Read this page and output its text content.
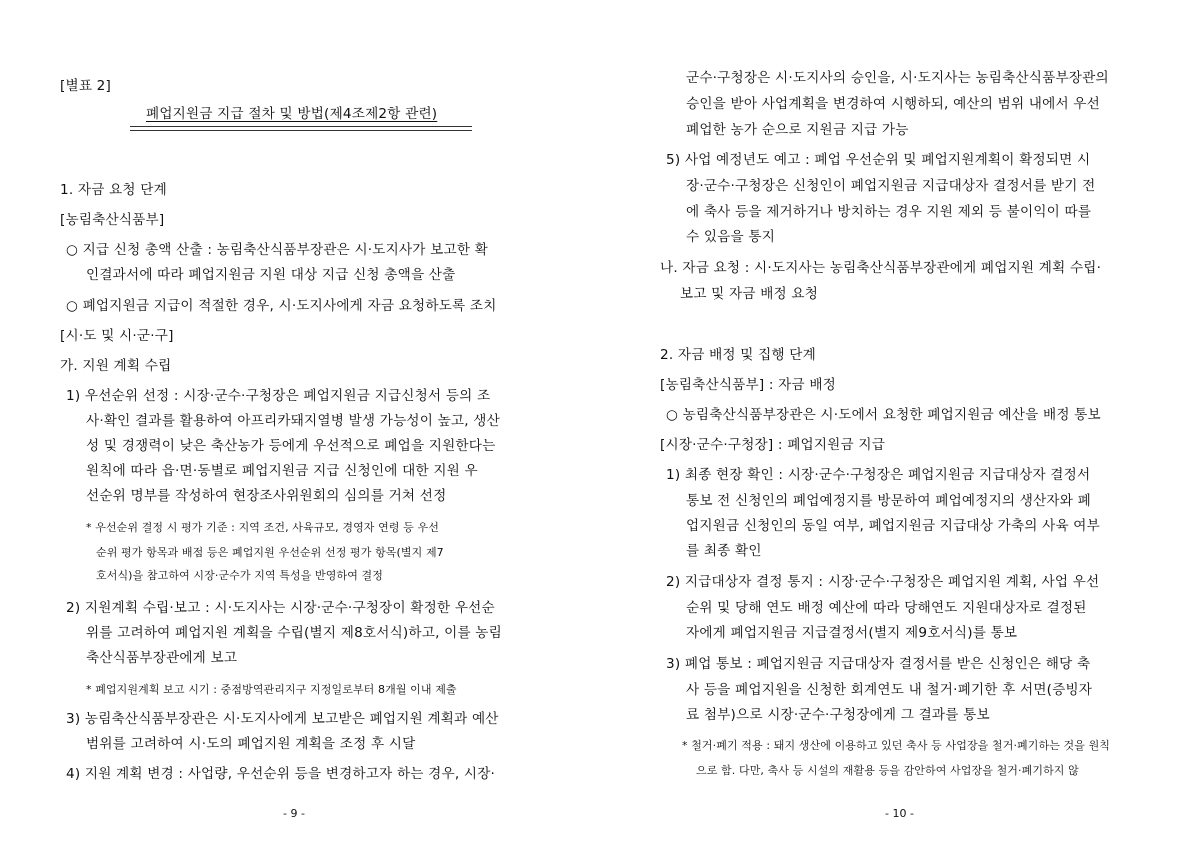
[별표 2]
폐업지원금 지급 절차 및 방법(제4조제2항 관련)
1. 자금 요청 단계
[농림축산식품부]
○ 지급 신청 총액 산출 : 농림축산식품부장관은 시·도지사가 보고한 확
인결과서에 따라 폐업지원금 지원 대상 지급 신청 총액을 산출
○ 폐업지원금 지급이 적절한 경우, 시·도지사에게 자금 요청하도록 조치
[시·도 및 시·군·구]
가. 지원 계획 수립
1) 우선순위 선정 : 시장·군수·구청장은 폐업지원금 지급신청서 등의 조
사·확인 결과를 활용하여 아프리카돼지열병 발생 가능성이 높고, 생산
성 및 경쟁력이 낮은 축산농가 등에게 우선적으로 폐업을 지원한다는
원칙에 따라 읍·면·동별로 폐업지원금 지급 신청인에 대한 지원 우
선순위 명부를 작성하여 현장조사위원회의 심의를 거쳐 선정
* 우선순위 결정 시 평가 기준 : 지역 조건, 사육규모, 경영자 연령 등 우선
순위 평가 항목과 배점 등은 폐업지원 우선순위 선정 평가 항목(별지 제7
호서식)을 참고하여 시장·군수가 지역 특성을 반영하여 결정
2) 지원계획 수립·보고 : 시·도지사는 시장·군수·구청장이 확정한 우선순
위를 고려하여 폐업지원 계획을 수립(별지 제8호서식)하고, 이를 농림
축산식품부장관에게 보고
* 폐업지원계획 보고 시기 : 중점방역관리지구 지정일로부터 8개월 이내 제출
3) 농림축산식품부장관은 시·도지사에게 보고받은 폐업지원 계획과 예산
범위를 고려하여 시·도의 폐업지원 계획을 조정 후 시달
4) 지원 계획 변경 : 사업량, 우선순위 등을 변경하고자 하는 경우, 시장·
- 9 -
군수·구청장은 시·도지사의 승인을, 시·도지사는 농림축산식품부장관의
승인을 받아 사업계획을 변경하여 시행하되, 예산의 범위 내에서 우선
폐업한 농가 순으로 지원금 지급 가능
5) 사업 예정년도 예고 : 폐업 우선순위 및 폐업지원계획이 확정되면 시
장·군수·구청장은 신청인이 폐업지원금 지급대상자 결정서를 받기 전
에 축사 등을 제거하거나 방치하는 경우 지원 제외 등 불이익이 따를
수 있음을 통지
나. 자금 요청 : 시·도지사는 농림축산식품부장관에게 폐업지원 계획 수립·
보고 및 자금 배정 요청
2. 자금 배정 및 집행 단계
[농림축산식품부] : 자금 배정
○ 농림축산식품부장관은 시·도에서 요청한 폐업지원금 예산을 배정 통보
[시장·군수·구청장] : 폐업지원금 지급
1) 최종 현장 확인 : 시장·군수·구청장은 폐업지원금 지급대상자 결정서
통보 전 신청인의 폐업예정지를 방문하여 폐업예정지의 생산자와 폐
업지원금 신청인의 동일 여부, 폐업지원금 지급대상 가축의 사육 여부
를 최종 확인
2) 지급대상자 결정 통지 : 시장·군수·구청장은 폐업지원 계획, 사업 우선
순위 및 당해 연도 배정 예산에 따라 당해연도 지원대상자로 결정된
자에게 폐업지원금 지급결정서(별지 제9호서식)를 통보
3) 폐업 통보 : 폐업지원금 지급대상자 결정서를 받은 신청인은 해당 축
사 등을 폐업지원을 신청한 회계연도 내 철거·폐기한 후 서면(증빙자
료 첨부)으로 시장·군수·구청장에게 그 결과를 통보
* 철거·폐기 적용 : 돼지 생산에 이용하고 있던 축사 등 사업장을 철거·폐기하는 것을 원칙
으로 함. 다만, 축사 등 시설의 재활용 등을 감안하여 사업장을 철거·폐기하지 않
- 10 -
